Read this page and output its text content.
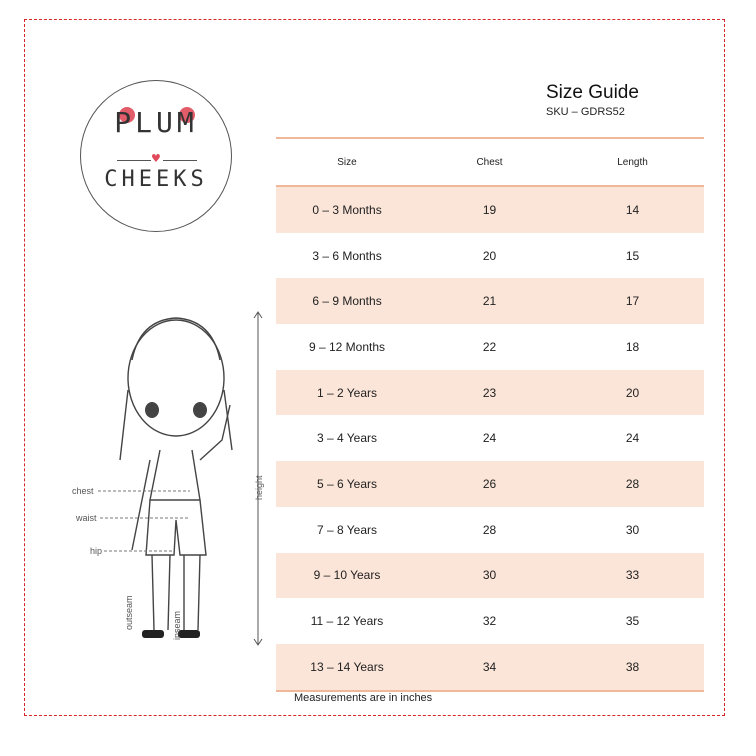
PLUM
♥
CHEEKS
Size Guide
SKU – GDRS52
Size	Chest	Length
0 – 3 Months	19	14
3 – 6 Months	20	15
6 – 9 Months	21	17
9 – 12 Months	22	18
1 – 2 Years	23	20
3 – 4 Years	24	24
5 – 6 Years	26	28
7 – 8 Years	28	30
9 – 10 Years	30	33
11 – 12 Years	32	35
13 – 14 Years	34	38
Measurements are in inches
chest
waist
hip
height
outseam	inseam
